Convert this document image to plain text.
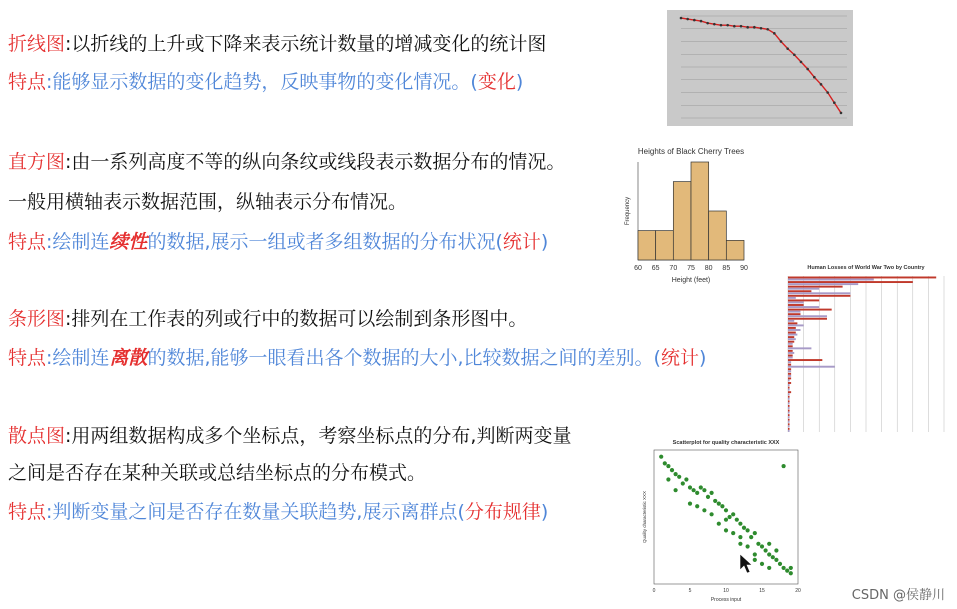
折线图:以折线的上升或下降来表示统计数量的增减变化的统计图
特点:能够显示数据的变化趋势，反映事物的变化情况。(变化)
直方图:由一系列高度不等的纵向条纹或线段表示数据分布的情况。
一般用横轴表示数据范围，纵轴表示分布情况。
特点:绘制连续性的数据,展示一组或者多组数据的分布状况(统计)
条形图:排列在工作表的列或行中的数据可以绘制到条形图中。
特点:绘制连离散的数据,能够一眼看出各个数据的大小,比较数据之间的差别。(统计)
散点图:用两组数据构成多个坐标点，考察坐标点的分布,判断两变量
之间是否存在某种关联或总结坐标点的分布模式。
特点:判断变量之间是否存在数量关联趋势,展示离群点(分布规律)
Heights of Black Cherry Trees
60 65 70 75 80 85 90
Height (feet)
Frequency
Human Losses of World War Two by Country
Scatterplot for quality characteristic XXX
0	5	10	15	20
Process input
Quality characteristic XXX
CSDN @侯静川
